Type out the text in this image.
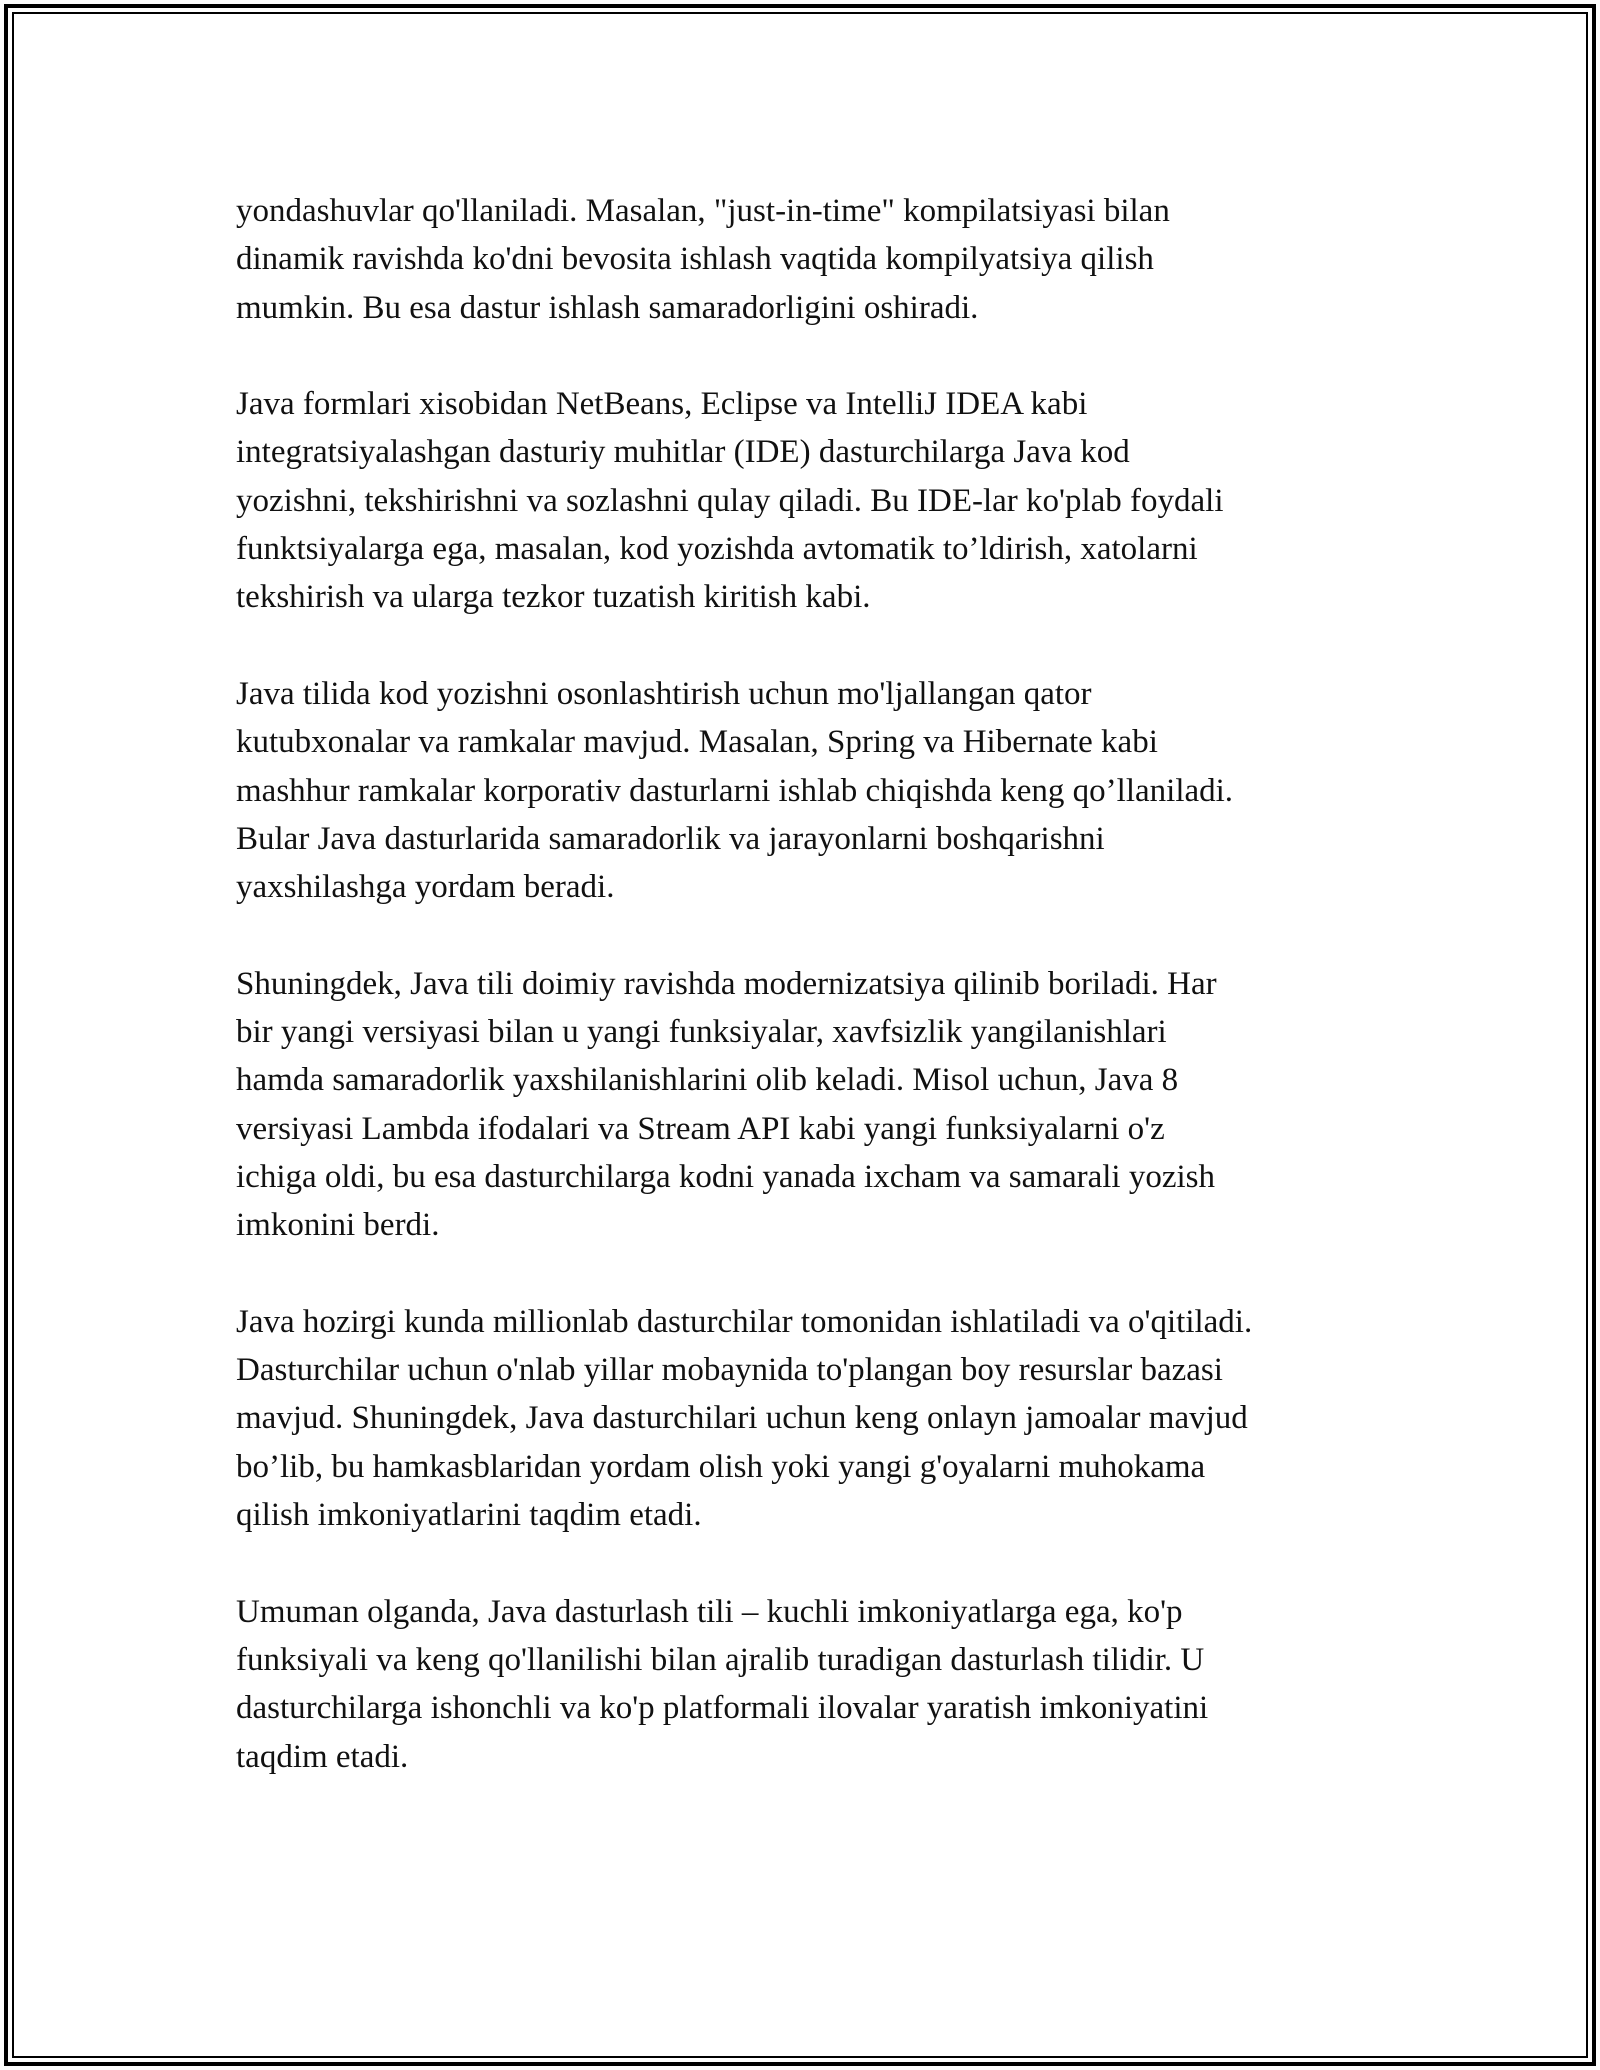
yondashuvlar qo'llaniladi. Masalan, "just-in-time" kompilatsiyasi bilan
dinamik ravishda ko'dni bevosita ishlash vaqtida kompilyatsiya qilish
mumkin. Bu esa dastur ishlash samaradorligini oshiradi.

Java formlari xisobidan NetBeans, Eclipse va IntelliJ IDEA kabi
integratsiyalashgan dasturiy muhitlar (IDE) dasturchilarga Java kod
yozishni, tekshirishni va sozlashni qulay qiladi. Bu IDE-lar ko'plab foydali
funktsiyalarga ega, masalan, kod yozishda avtomatik to’ldirish, xatolarni
tekshirish va ularga tezkor tuzatish kiritish kabi.

Java tilida kod yozishni osonlashtirish uchun mo'ljallangan qator
kutubxonalar va ramkalar mavjud. Masalan, Spring va Hibernate kabi
mashhur ramkalar korporativ dasturlarni ishlab chiqishda keng qo’llaniladi.
Bular Java dasturlarida samaradorlik va jarayonlarni boshqarishni
yaxshilashga yordam beradi.

Shuningdek, Java tili doimiy ravishda modernizatsiya qilinib boriladi. Har
bir yangi versiyasi bilan u yangi funksiyalar, xavfsizlik yangilanishlari
hamda samaradorlik yaxshilanishlarini olib keladi. Misol uchun, Java 8
versiyasi Lambda ifodalari va Stream API kabi yangi funksiyalarni o'z
ichiga oldi, bu esa dasturchilarga kodni yanada ixcham va samarali yozish
imkonini berdi.

Java hozirgi kunda millionlab dasturchilar tomonidan ishlatiladi va o'qitiladi.
Dasturchilar uchun o'nlab yillar mobaynida to'plangan boy resurslar bazasi
mavjud. Shuningdek, Java dasturchilari uchun keng onlayn jamoalar mavjud
bo’lib, bu hamkasblaridan yordam olish yoki yangi g'oyalarni muhokama
qilish imkoniyatlarini taqdim etadi.

Umuman olganda, Java dasturlash tili – kuchli imkoniyatlarga ega, ko'p
funksiyali va keng qo'llanilishi bilan ajralib turadigan dasturlash tilidir. U
dasturchilarga ishonchli va ko'p platformali ilovalar yaratish imkoniyatini
taqdim etadi.
